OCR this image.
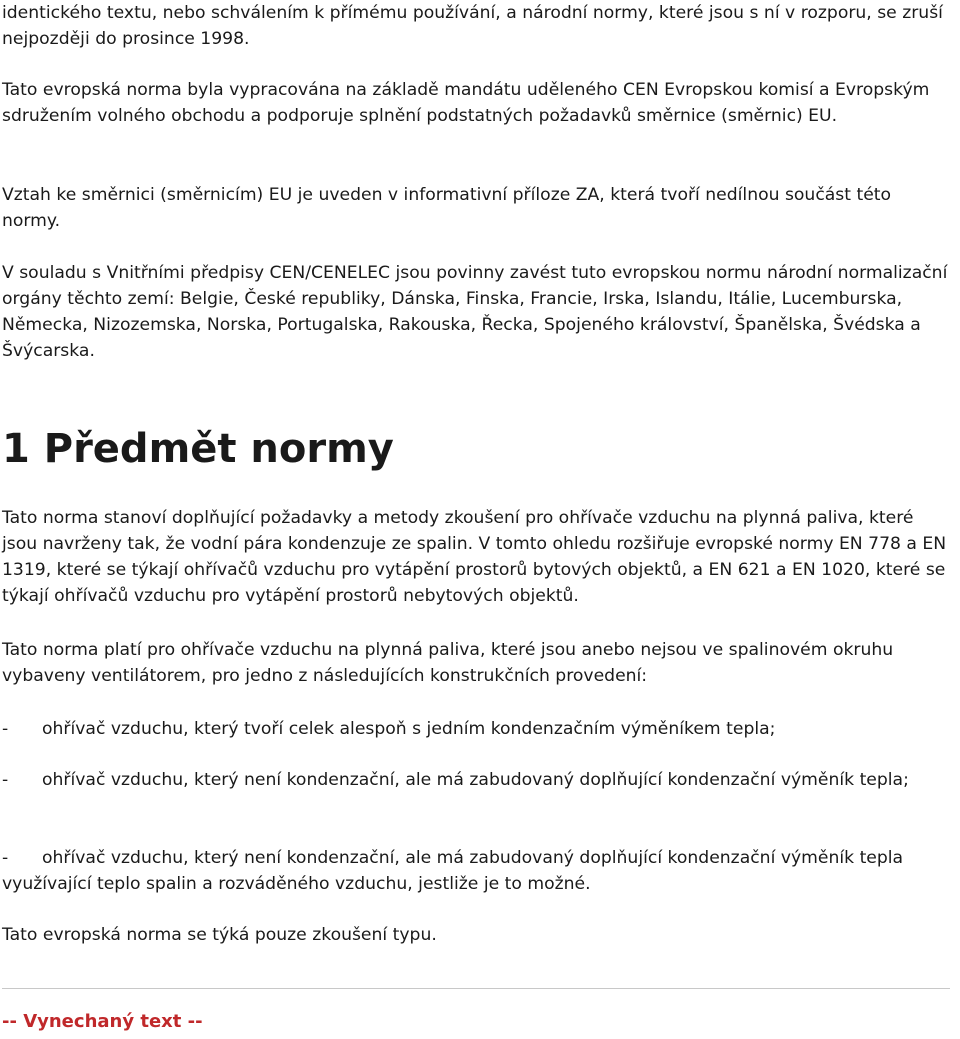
identického textu, nebo schválením k přímému používání, a národní normy, které jsou s ní v rozporu, se zruší nejpozději do prosince 1998.

Tato evropská norma byla vypracována na základě mandátu uděleného CEN Evropskou komisí a Evropským sdružením volného obchodu a podporuje splnění podstatných požadavků směrnice (směrnic) EU.

Vztah ke směrnici (směrnicím) EU je uveden v informativní příloze ZA, která tvoří nedílnou součást této normy.

V souladu s Vnitřními předpisy CEN/CENELEC jsou povinny zavést tuto evropskou normu národní normalizační orgány těchto zemí: Belgie, České republiky, Dánska, Finska, Francie, Irska, Islandu, Itálie, Lucemburska, Německa, Nizozemska, Norska, Portugalska, Rakouska, Řecka, Spojeného království, Španělska, Švédska a Švýcarska.

1 Předmět normy

Tato norma stanoví doplňující požadavky a metody zkoušení pro ohřívače vzduchu na plynná paliva, které jsou navrženy tak, že vodní pára kondenzuje ze spalin. V tomto ohledu rozšiřuje evropské normy EN 778 a EN 1319, které se týkají ohřívačů vzduchu pro vytápění prostorů bytových objektů, a EN 621 a EN 1020, které se týkají ohřívačů vzduchu pro vytápění prostorů nebytových objektů.

Tato norma platí pro ohřívače vzduchu na plynná paliva, které jsou anebo nejsou ve spalinovém okruhu vybaveny ventilátorem, pro jedno z následujících konstrukčních provedení:

- ohřívač vzduchu, který tvoří celek alespoň s jedním kondenzačním výměníkem tepla;

- ohřívač vzduchu, který není kondenzační, ale má zabudovaný doplňující kondenzační výměník tepla;

- ohřívač vzduchu, který není kondenzační, ale má zabudovaný doplňující kondenzační výměník tepla využívající teplo spalin a rozváděného vzduchu, jestliže je to možné.

Tato evropská norma se týká pouze zkoušení typu.

-- Vynechaný text --
